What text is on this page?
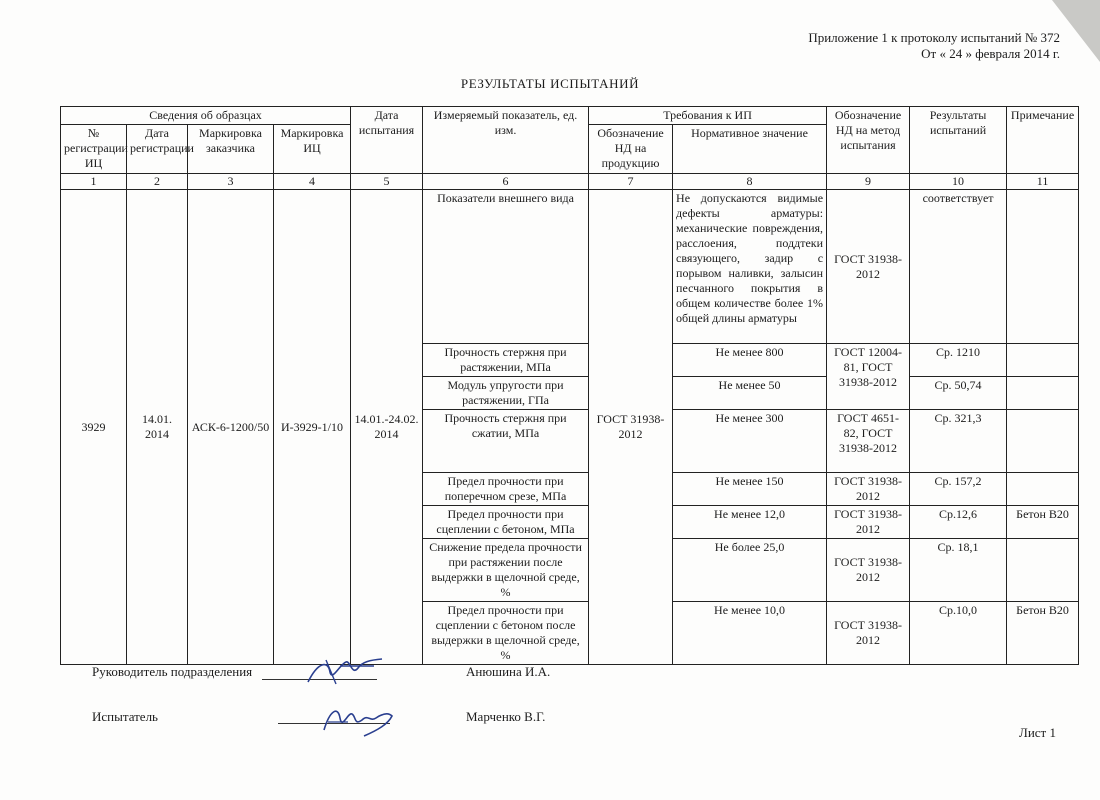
Приложение 1 к протоколу испытаний № 372
От « 24 » февраля 2014 г.
РЕЗУЛЬТАТЫ ИСПЫТАНИЙ
Сведения об образцах				Дата испытания	Измеряемый показатель, ед. изм.	Требования к ИП		Обозначение НД на метод испытания	Результаты испытаний	Примечание
№ регистрации ИЦ	Дата регистрации	Маркировка заказчика	Маркировка ИЦ			Обозначение НД на продукцию	Нормативное значение			
1	2	3	4	5	6	7	8	9	10	11
3929	14.01. 2014	АСК-6-1200/50	И-3929-1/10	14.01.-24.02. 2014	Показатели внешнего вида	ГОСТ 31938-2012	Не допускаются видимые дефекты арматуры: механические повреждения, расслоения, поддтеки связующего, задир с порывом наливки, залысин песчанного покрытия в общем количестве более 1% общей длины арматуры	ГОСТ 31938-2012	соответствует	
					Прочность стержня при растяжении, МПа		Не менее 800	ГОСТ 12004-81, ГОСТ 31938-2012	Ср. 1210	
					Модуль упругости при растяжении, ГПа		Не менее 50		Ср. 50,74	
					Прочность стержня при сжатии, МПа		Не менее 300	ГОСТ 4651-82, ГОСТ 31938-2012	Ср. 321,3	
					Предел прочности при поперечном срезе, МПа		Не менее 150	ГОСТ 31938-2012	Ср. 157,2	
					Предел прочности при сцеплении с бетоном, МПа		Не менее 12,0	ГОСТ 31938-2012	Ср.12,6	Бетон В20
					Снижение предела прочности при растяжении после выдержки в щелочной среде, %		Не более 25,0	ГОСТ 31938-2012	Ср. 18,1	
					Предел прочности при сцеплении с бетоном после выдержки в щелочной среде, %		Не менее 10,0	ГОСТ 31938-2012	Ср.10,0	Бетон В20
Руководитель подразделения	Анюшина И.А.
Испытатель	Марченко В.Г.
Лист 1
